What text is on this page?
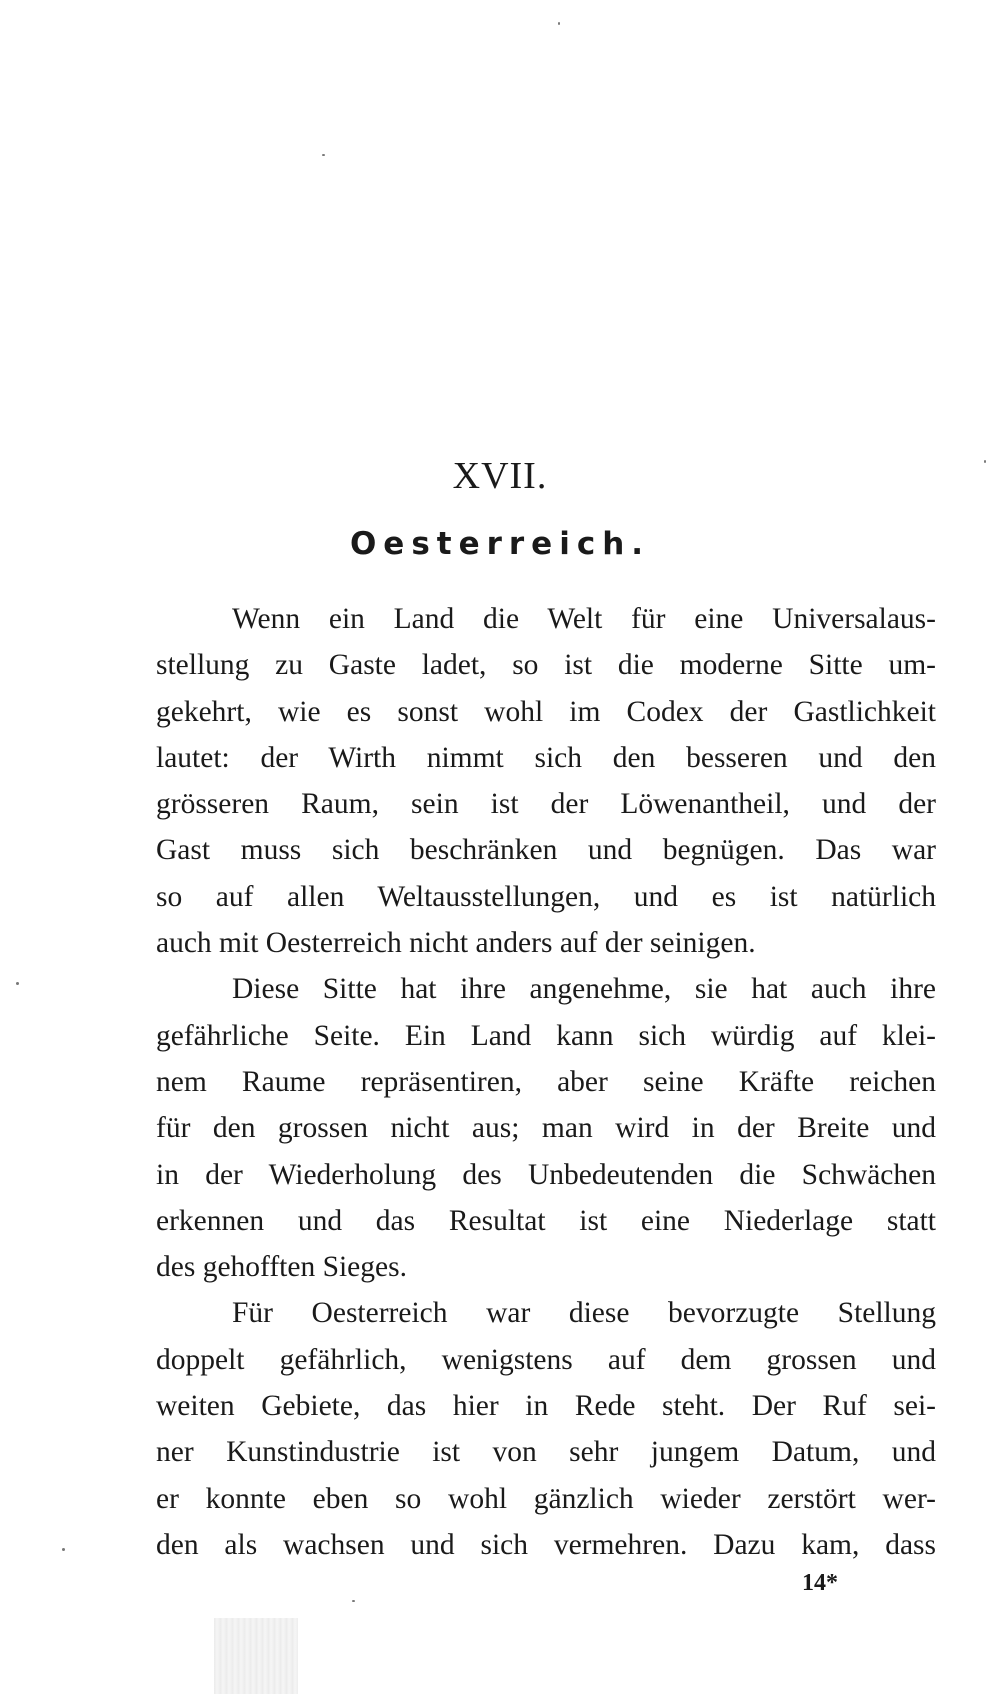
XVII.
Oesterreich.
Wenn ein Land die Welt für eine Universalaus-
stellung zu Gaste ladet, so ist die moderne Sitte um-
gekehrt, wie es sonst wohl im Codex der Gastlichkeit
lautet: der Wirth nimmt sich den besseren und den
grösseren Raum, sein ist der Löwenantheil, und der
Gast muss sich beschränken und begnügen. Das war
so auf allen Weltausstellungen, und es ist natürlich
auch mit Oesterreich nicht anders auf der seinigen.
Diese Sitte hat ihre angenehme, sie hat auch ihre
gefährliche Seite. Ein Land kann sich würdig auf klei-
nem Raume repräsentiren, aber seine Kräfte reichen
für den grossen nicht aus; man wird in der Breite und
in der Wiederholung des Unbedeutenden die Schwächen
erkennen und das Resultat ist eine Niederlage statt
des gehofften Sieges.
Für Oesterreich war diese bevorzugte Stellung
doppelt gefährlich, wenigstens auf dem grossen und
weiten Gebiete, das hier in Rede steht. Der Ruf sei-
ner Kunstindustrie ist von sehr jungem Datum, und
er konnte eben so wohl gänzlich wieder zerstört wer-
den als wachsen und sich vermehren. Dazu kam, dass
14*
